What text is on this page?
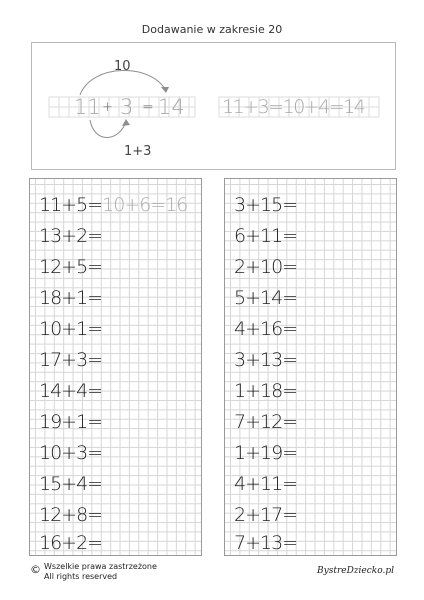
Dodawanie w zakresie 20
10
11 + 3 = 14 11+3=10+4=14
1+3
11+5=10+6=16
13+2=
12+5=
18+1=
10+1=
17+3=
14+4=
19+1=
10+3=
15+4=
12+8=
16+2=
3+15=
6+11=
2+10=
5+14=
4+16=
3+13=
1+18=
7+12=
1+19=
4+11=
2+17=
7+13=
© Wszelkie prawa zastrzeżone
All rights reserved
BystreDziecko.pl
